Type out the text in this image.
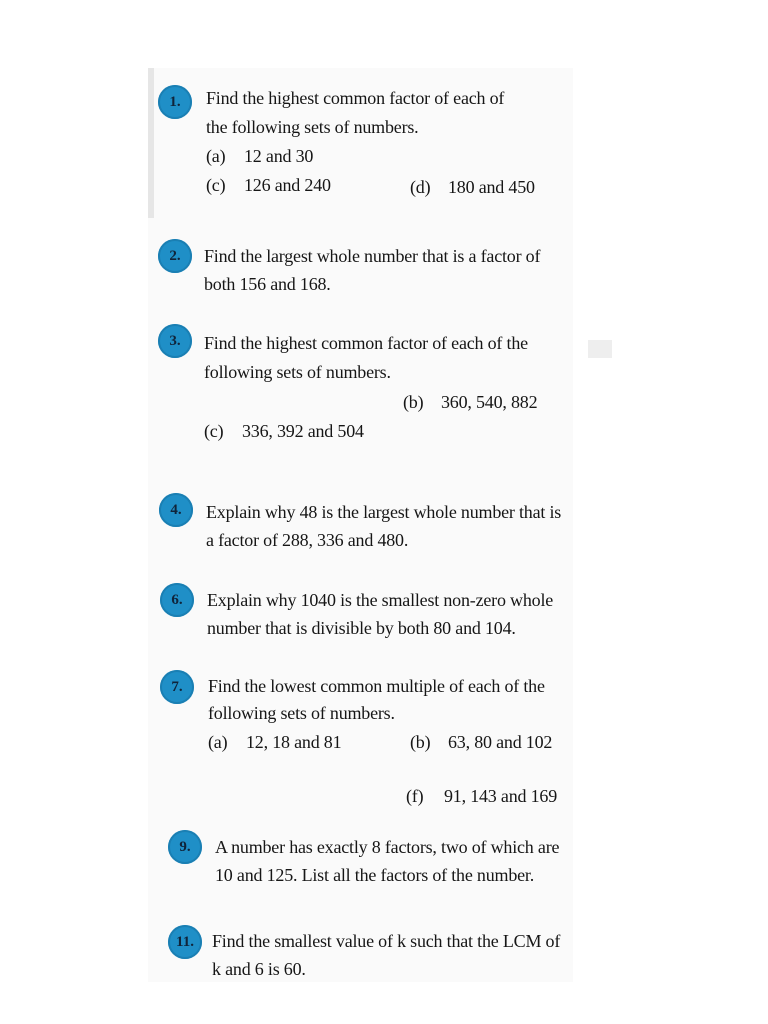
1.	Find the highest common factor of each of
the following sets of numbers.
(a) 12 and 30
(c) 126 and 240	(d) 180 and 450
2.	Find the largest whole number that is a factor of
both 156 and 168.
3.	Find the highest common factor of each of the
following sets of numbers.
(b) 360, 540, 882
(c) 336, 392 and 504
4.	Explain why 48 is the largest whole number that is
a factor of 288, 336 and 480.
6.	Explain why 1040 is the smallest non-zero whole
number that is divisible by both 80 and 104.
7.	Find the lowest common multiple of each of the
following sets of numbers.
(a) 12, 18 and 81	(b) 63, 80 and 102
(f) 91, 143 and 169
9.	A number has exactly 8 factors, two of which are
10 and 125. List all the factors of the number.
11.	Find the smallest value of k such that the LCM of
k and 6 is 60.
